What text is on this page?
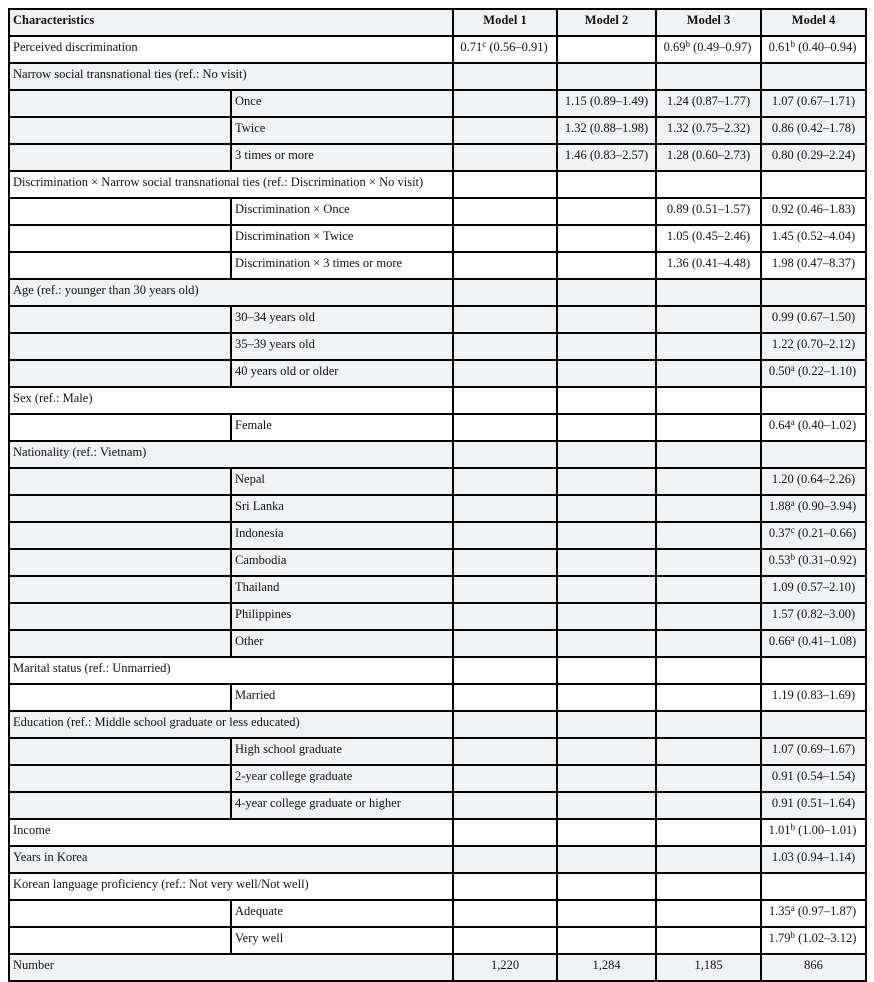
Characteristics		Model 1	Model 2	Model 3	Model 4
Perceived discrimination		0.71$^c$ (0.56–0.91)		0.69$^b$ (0.49–0.97)	0.61$^b$ (0.40–0.94)
Narrow social transnational ties (ref.: No visit)					
	Once		1.15 (0.89–1.49)	1.24 (0.87–1.77)	1.07 (0.67–1.71)
	Twice		1.32 (0.88–1.98)	1.32 (0.75–2.32)	0.86 (0.42–1.78)
	3 times or more		1.46 (0.83–2.57)	1.28 (0.60–2.73)	0.80 (0.29–2.24)
Discrimination × Narrow social transnational ties (ref.: Discrimination × No visit)					
	Discrimination × Once			0.89 (0.51–1.57)	0.92 (0.46–1.83)
	Discrimination × Twice			1.05 (0.45–2.46)	1.45 (0.52–4.04)
	Discrimination × 3 times or more			1.36 (0.41–4.48)	1.98 (0.47–8.37)
Age (ref.: younger than 30 years old)					
	30–34 years old				0.99 (0.67–1.50)
	35–39 years old				1.22 (0.70–2.12)
	40 years old or older				0.50$^a$ (0.22–1.10)
Sex (ref.: Male)					
	Female				0.64$^a$ (0.40–1.02)
Nationality (ref.: Vietnam)					
	Nepal				1.20 (0.64–2.26)
	Sri Lanka				1.88$^a$ (0.90–3.94)
	Indonesia				0.37$^c$ (0.21–0.66)
	Cambodia				0.53$^b$ (0.31–0.92)
	Thailand				1.09 (0.57–2.10)
	Philippines				1.57 (0.82–3.00)
	Other				0.66$^a$ (0.41–1.08)
Marital status (ref.: Unmarried)					
	Married				1.19 (0.83–1.69)
Education (ref.: Middle school graduate or less educated)					
	High school graduate				1.07 (0.69–1.67)
	2-year college graduate				0.91 (0.54–1.54)
	4-year college graduate or higher				0.91 (0.51–1.64)
Income					1.01$^b$ (1.00–1.01)
Years in Korea					1.03 (0.94–1.14)
Korean language proficiency (ref.: Not very well/Not well)					
	Adequate				1.35$^a$ (0.97–1.87)
	Very well				1.79$^b$ (1.02–3.12)
Number		1,220	1,284	1,185	866
